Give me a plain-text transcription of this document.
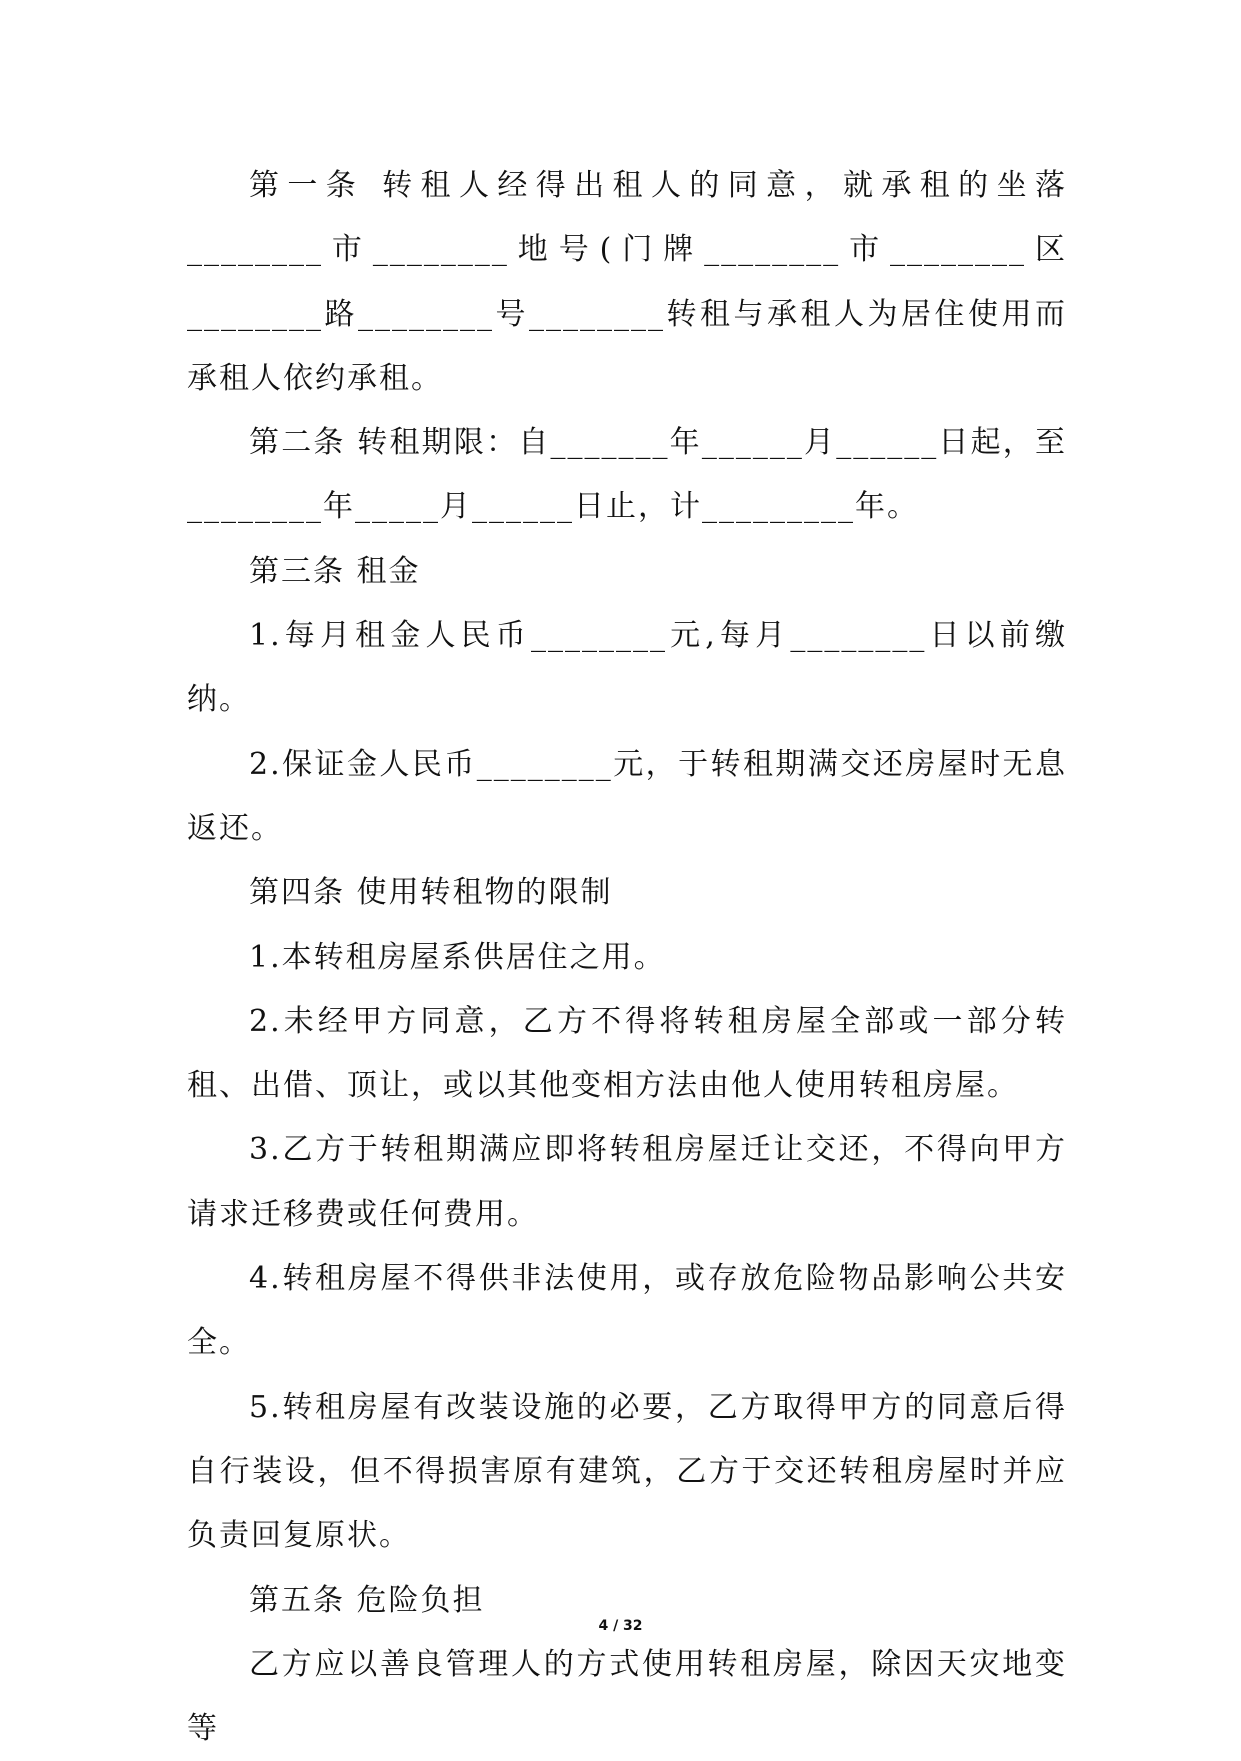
第一条 转租人经得出租人的同意，就承租的坐落________市________地号(门牌________市________区________路________号________转租与承租人为居住使用而承租人依约承租。

第二条 转租期限：自_______年______月______日起，至________年_____月______日止，计_________年。

第三条 租金

1.每月租金人民币________元,每月________日以前缴纳。

2.保证金人民币________元，于转租期满交还房屋时无息返还。

第四条 使用转租物的限制

1.本转租房屋系供居住之用。

2.未经甲方同意，乙方不得将转租房屋全部或一部分转租、出借、顶让，或以其他变相方法由他人使用转租房屋。

3.乙方于转租期满应即将转租房屋迁让交还，不得向甲方请求迁移费或任何费用。

4.转租房屋不得供非法使用，或存放危险物品影响公共安全。

5.转租房屋有改装设施的必要，乙方取得甲方的同意后得自行装设，但不得损害原有建筑，乙方于交还转租房屋时并应负责回复原状。

第五条 危险负担

乙方应以善良管理人的方式使用转租房屋，除因天灾地变等

4 / 32
